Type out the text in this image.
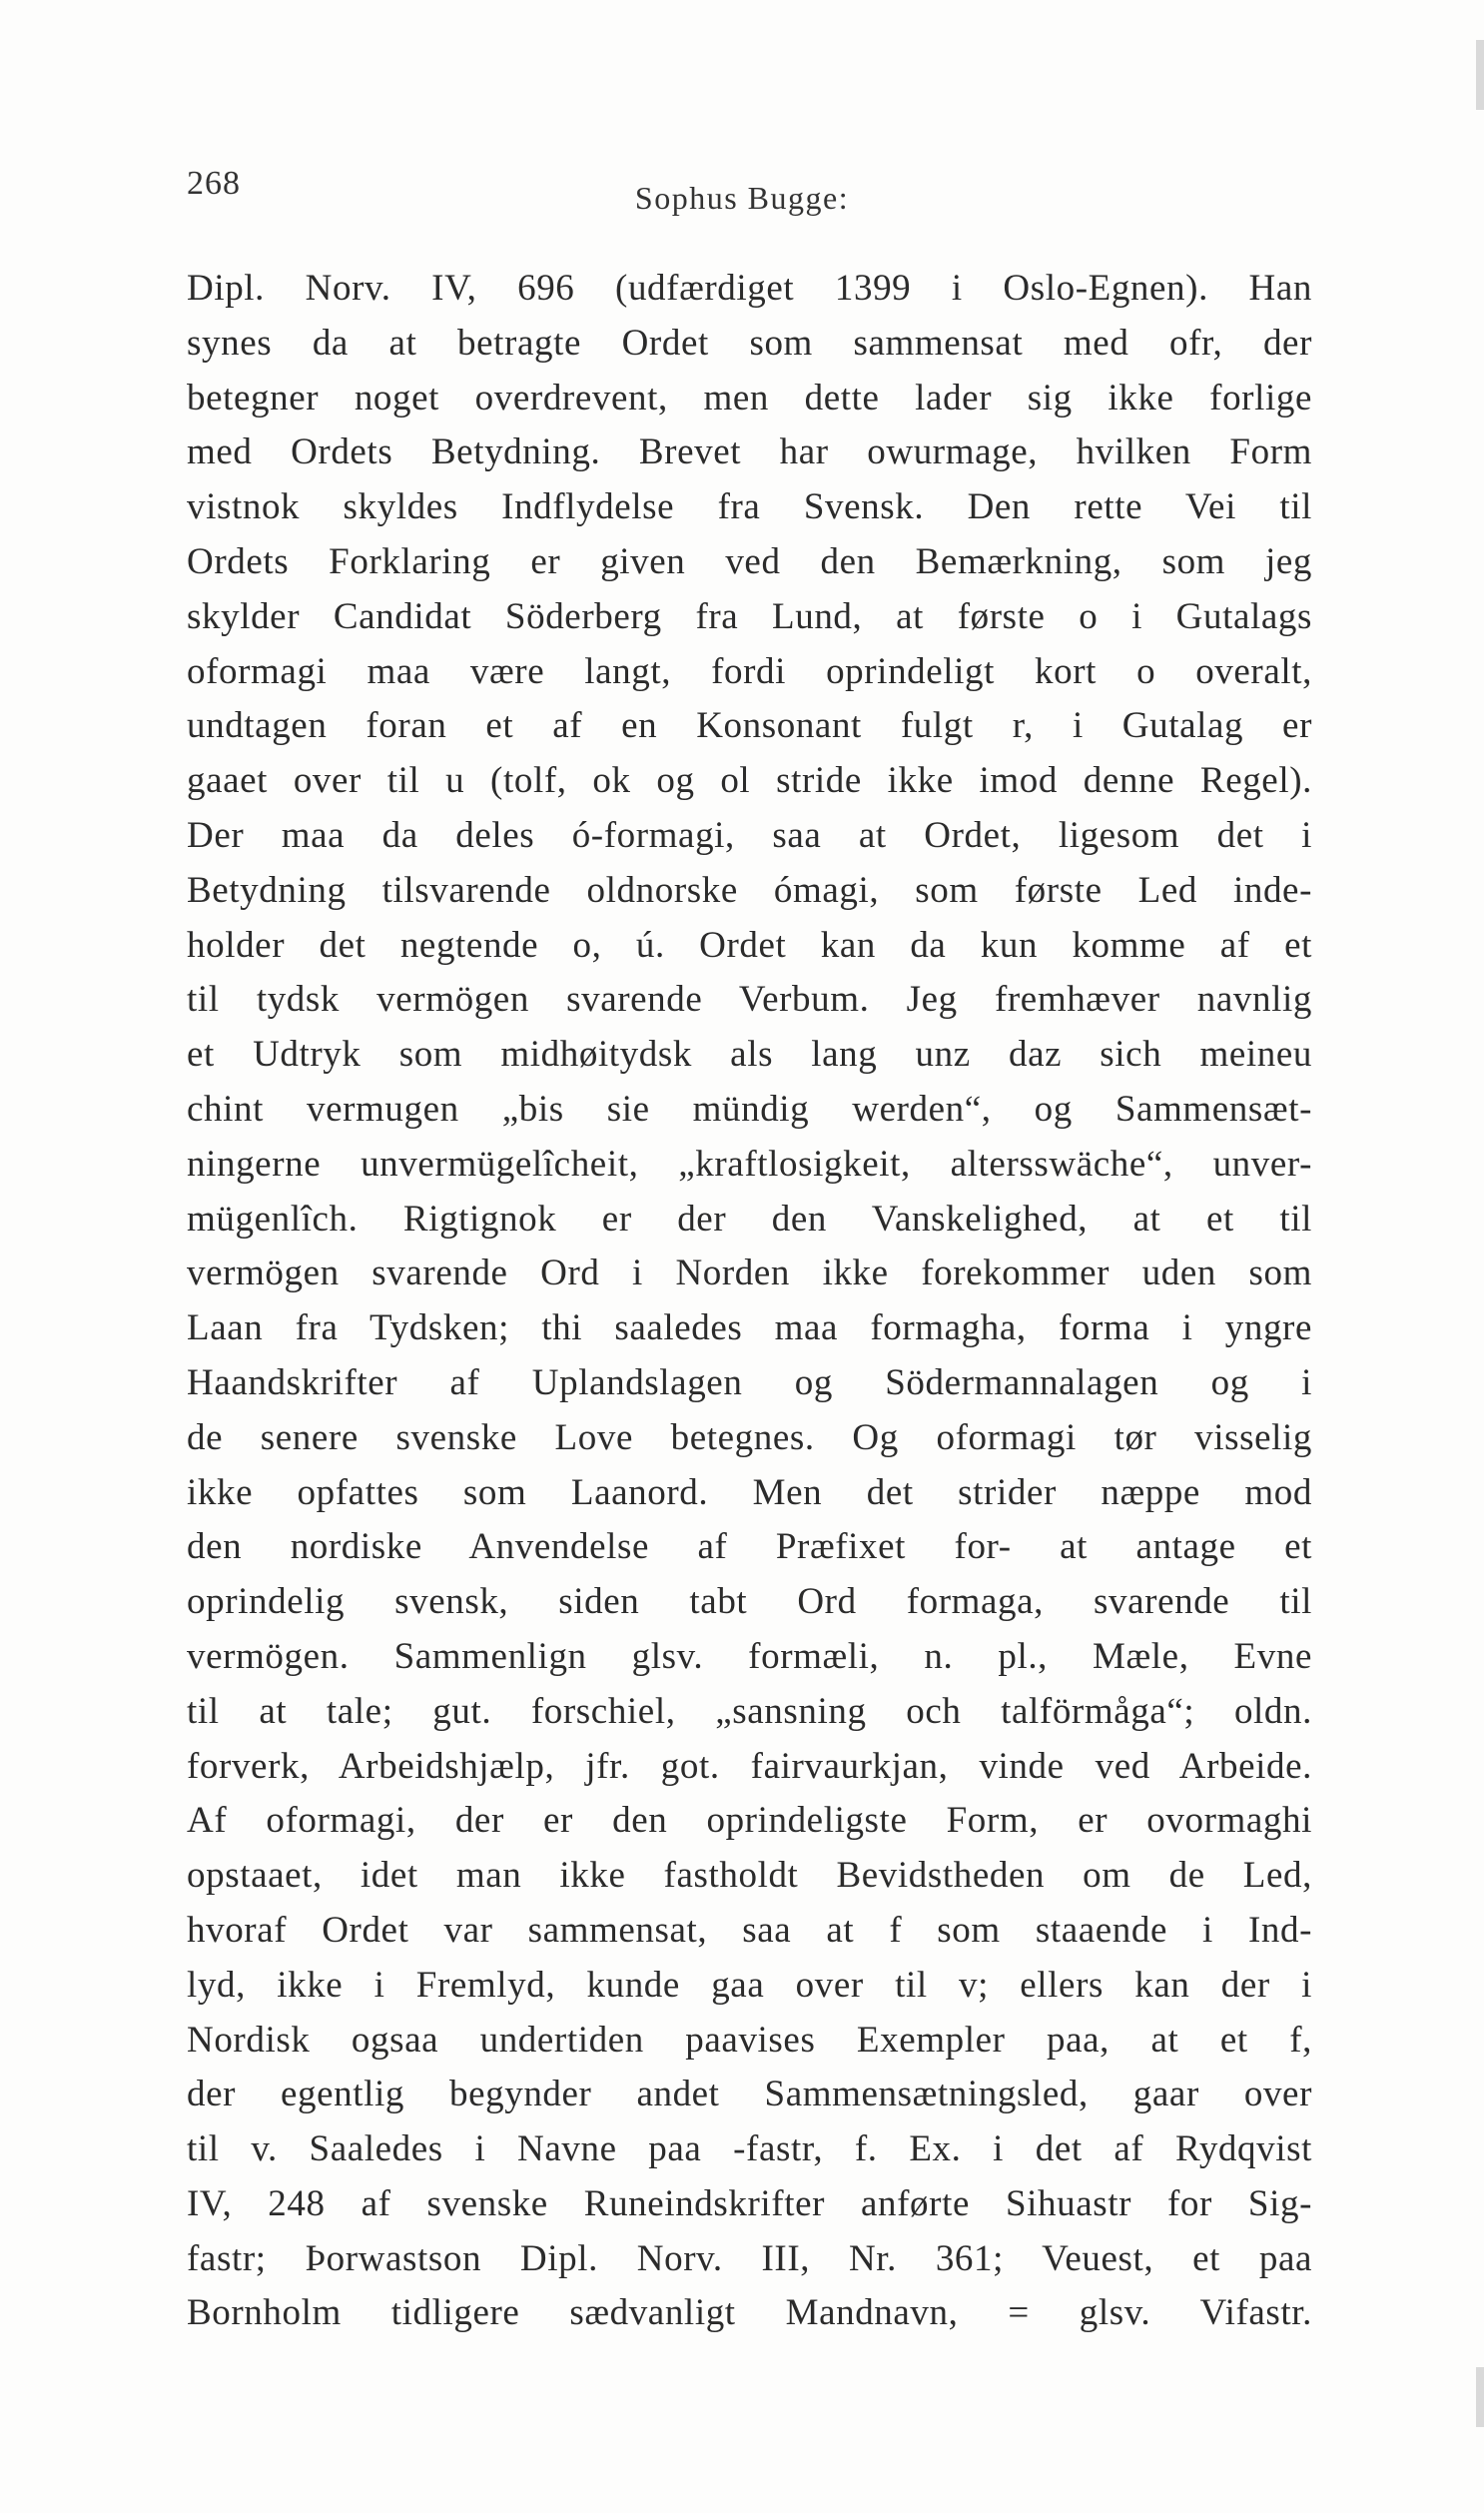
268	Sophus Bugge:
Dipl. Norv. IV, 696 (udfærdiget 1399 i Oslo-Egnen). Han
synes da at betragte Ordet som sammensat med ofr, der
betegner noget overdrevent, men dette lader sig ikke forlige
med Ordets Betydning. Brevet har owurmage, hvilken Form
vistnok skyldes Indflydelse fra Svensk. Den rette Vei til
Ordets Forklaring er given ved den Bemærkning, som jeg
skylder Candidat Söderberg fra Lund, at første o i Gutalags
oformagi maa være langt, fordi oprindeligt kort o overalt,
undtagen foran et af en Konsonant fulgt r, i Gutalag er
gaaet over til u (tolf, ok og ol stride ikke imod denne Regel).
Der maa da deles ó-formagi, saa at Ordet, ligesom det i
Betydning tilsvarende oldnorske ómagi, som første Led inde-
holder det negtende o, ú. Ordet kan da kun komme af et
til tydsk vermögen svarende Verbum. Jeg fremhæver navnlig
et Udtryk som midhøitydsk als lang unz daz sich meineu
chint vermugen „bis sie mündig werden“, og Sammensæt-
ningerne unvermügelîcheit, „kraftlosigkeit, altersswäche“, unver-
mügenlîch. Rigtignok er der den Vanskelighed, at et til
vermögen svarende Ord i Norden ikke forekommer uden som
Laan fra Tydsken; thi saaledes maa formagha, forma i yngre
Haandskrifter af Uplandslagen og Södermannalagen og i
de senere svenske Love betegnes. Og oformagi tør visselig
ikke opfattes som Laanord. Men det strider næppe mod
den nordiske Anvendelse af Præfixet for- at antage et
oprindelig svensk, siden tabt Ord formaga, svarende til
vermögen. Sammenlign glsv. formæli, n. pl., Mæle, Evne
til at tale; gut. forschiel, „sansning och talförmåga“; oldn.
forverk, Arbeidshjælp, jfr. got. fairvaurkjan, vinde ved Arbeide.
Af oformagi, der er den oprindeligste Form, er ovormaghi
opstaaet, idet man ikke fastholdt Bevidstheden om de Led,
hvoraf Ordet var sammensat, saa at f som staaende i Ind-
lyd, ikke i Fremlyd, kunde gaa over til v; ellers kan der i
Nordisk ogsaa undertiden paavises Exempler paa, at et f,
der egentlig begynder andet Sammensætningsled, gaar over
til v. Saaledes i Navne paa -fastr, f. Ex. i det af Rydqvist
IV, 248 af svenske Runeindskrifter anførte Sihuastr for Sig-
fastr; Þorwastson Dipl. Norv. III, Nr. 361; Veuest, et paa
Bornholm tidligere sædvanligt Mandnavn, = glsv. Vifastr.
